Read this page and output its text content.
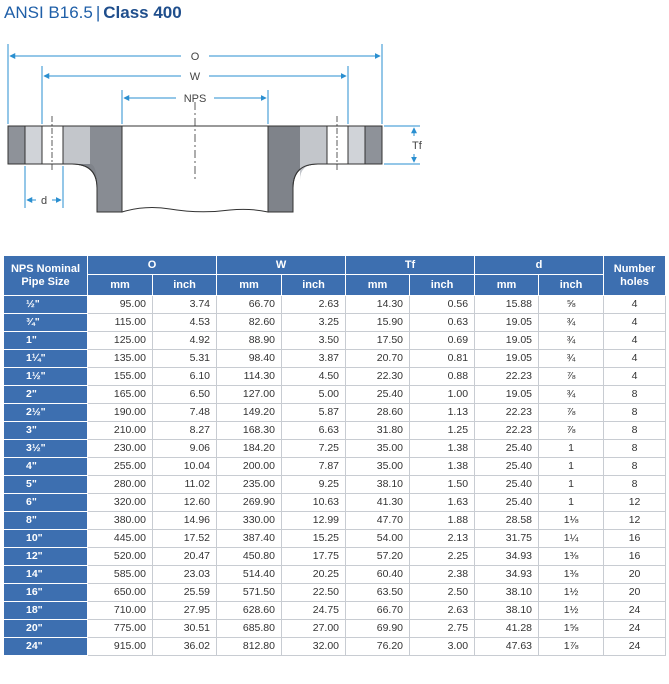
ANSI B16.5 | Class 400
O
W
NPS
Tf
d
NPS Nominal Pipe Size	O		W		Tf		d		Number holes
	mm	inch	mm	inch	mm	inch	mm	inch	
½"	95.00	3.74	66.70	2.63	14.30	0.56	15.88	⅝	4
¾"	115.00	4.53	82.60	3.25	15.90	0.63	19.05	¾	4
1"	125.00	4.92	88.90	3.50	17.50	0.69	19.05	¾	4
1¼"	135.00	5.31	98.40	3.87	20.70	0.81	19.05	¾	4
1½"	155.00	6.10	114.30	4.50	22.30	0.88	22.23	⅞	4
2"	165.00	6.50	127.00	5.00	25.40	1.00	19.05	¾	8
2½"	190.00	7.48	149.20	5.87	28.60	1.13	22.23	⅞	8
3"	210.00	8.27	168.30	6.63	31.80	1.25	22.23	⅞	8
3½"	230.00	9.06	184.20	7.25	35.00	1.38	25.40	1	8
4"	255.00	10.04	200.00	7.87	35.00	1.38	25.40	1	8
5"	280.00	11.02	235.00	9.25	38.10	1.50	25.40	1	8
6"	320.00	12.60	269.90	10.63	41.30	1.63	25.40	1	12
8"	380.00	14.96	330.00	12.99	47.70	1.88	28.58	1⅛	12
10"	445.00	17.52	387.40	15.25	54.00	2.13	31.75	1¼	16
12"	520.00	20.47	450.80	17.75	57.20	2.25	34.93	1⅜	16
14"	585.00	23.03	514.40	20.25	60.40	2.38	34.93	1⅜	20
16"	650.00	25.59	571.50	22.50	63.50	2.50	38.10	1½	20
18"	710.00	27.95	628.60	24.75	66.70	2.63	38.10	1½	24
20"	775.00	30.51	685.80	27.00	69.90	2.75	41.28	1⅝	24
24"	915.00	36.02	812.80	32.00	76.20	3.00	47.63	1⅞	24
